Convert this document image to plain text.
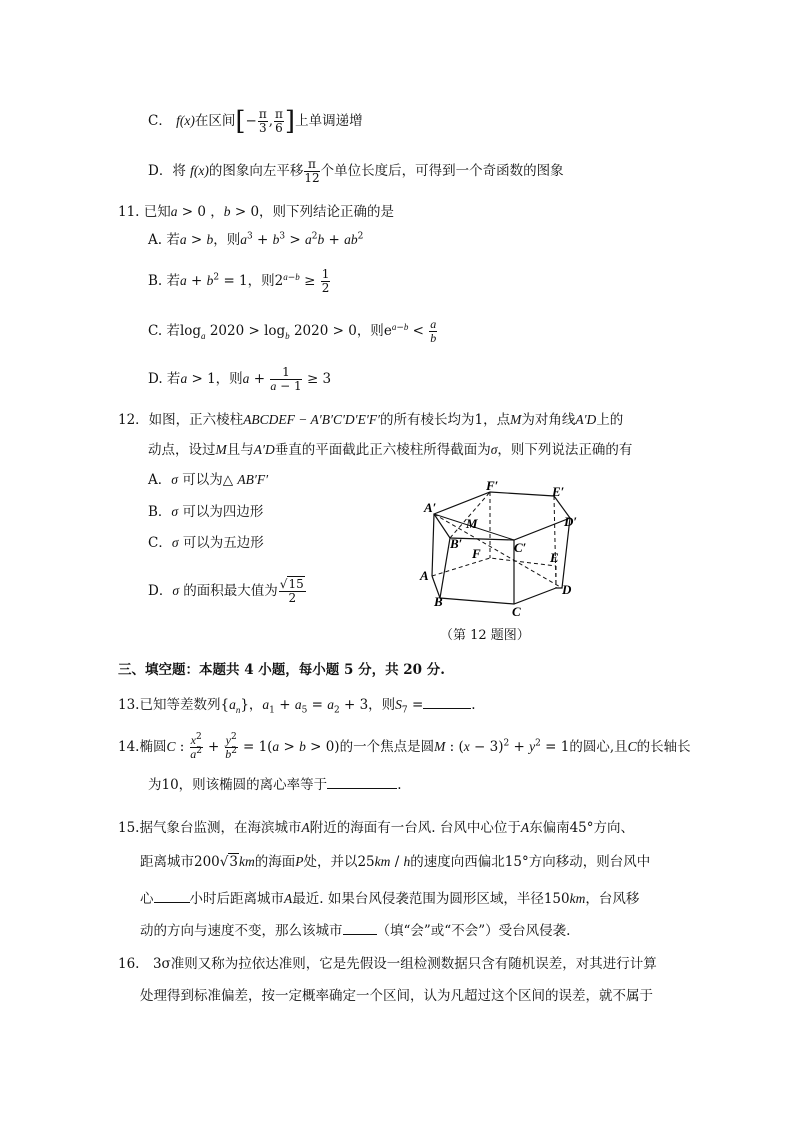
C． f(x)在区间[− $\frac{\pi}{3}$ , $\frac{\pi}{6}$ ]上单调递增
D．将 f(x)的图象向左平移 $\frac{\pi}{12}$ 个单位长度后，可得到一个奇函数的图象
11. 已知a > 0 ，b > 0，则下列结论正确的是
A. 若a > b，则$a^3 + b^3 > a^2b + ab^2$
B. 若$a + b^2 = 1$，则$2^{a-b} \ge \frac{1}{2}$
C. 若$\log_a 2020 > \log_b 2020 > 0$，则$e^{a-b} < \frac{a}{b}$
D. 若a > 1，则$a + \frac{1}{a - 1} \ge 3$
12．如图，正六棱柱ABCDEF − A′B′C′D′E′F′的所有棱长均为1，点M为对角线A′D上的
动点，设过M且与A′D垂直的平面截此正六棱柱所得截面为σ，则下列说法正确的有
A．σ 可以为△ AB′F′
B．σ 可以为四边形
C．σ 可以为五边形
D．σ 的面积最大值为 $\frac{√15}{2}$
A′
F′	E′
D′
M
B′	C′
F	E
A
B
C
D
（第 12 题图）
三、填空题：本题共 4 小题，每小题 5 分，共 20 分.
13.已知等差数列$\{a_n\}$，$a_1 + a_5 = a_2 + 3$，则$S_7$ =	.
14.椭圆C : $\frac{x^2}{a^2} + \frac{y^2}{b^2} = 1(a > b > 0)$的一个焦点是圆M : $(x - 3)^2 + y^2 = 1$的圆心,且C的长轴长
为10，则该椭圆的离心率等于	.
15.据气象台监测，在海滨城市A附近的海面有一台风. 台风中心位于A东偏南45°方向、
距离城市200√3km的海面P处，并以25km / h的速度向西偏北15°方向移动，则台风中
心	小时后距离城市A最近. 如果台风侵袭范围为圆形区域，半径150km，台风移
动的方向与速度不变，那么该城市	（填“会”或“不会”）受台风侵袭.
16.　3σ准则又称为拉依达准则，它是先假设一组检测数据只含有随机误差，对其进行计算
处理得到标准偏差，按一定概率确定一个区间，认为凡超过这个区间的误差，就不属于
